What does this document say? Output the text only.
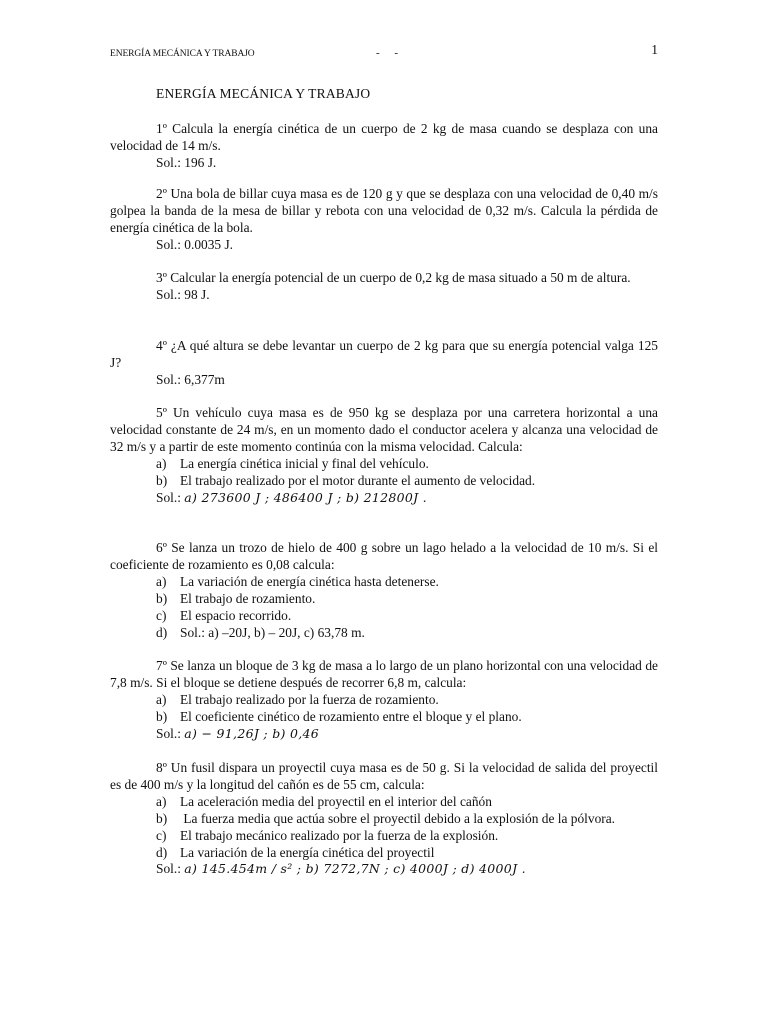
ENERGÍA MECÁNICA Y TRABAJO	- -	1
ENERGÍA MECÁNICA Y TRABAJO

1º Calcula la energía cinética de un cuerpo de 2 kg de masa cuando se desplaza con una velocidad de 14 m/s.

Sol.: 196 J.

2º Una bola de billar cuya masa es de 120 g y que se desplaza con una velocidad de 0,40 m/s golpea la banda de la mesa de billar y rebota con una velocidad de 0,32 m/s. Calcula la pérdida de energía cinética de la bola.

Sol.: 0.0035 J.

3º Calcular la energía potencial de un cuerpo de 0,2 kg de masa situado a 50 m de altura.

Sol.: 98 J.

4º ¿A qué altura se debe levantar un cuerpo de 2 kg para que su energía potencial valga 125 J?

Sol.: 6,377m

5º Un vehículo cuya masa es de 950 kg se desplaza por una carretera horizontal a una velocidad constante de 24 m/s, en un momento dado el conductor acelera y alcanza una velocidad de 32 m/s y a partir de este momento continúa con la misma velocidad. Calcula:

a) La energía cinética inicial y final del vehículo.

b) El trabajo realizado por el motor durante el aumento de velocidad.

Sol.: a) 273600 J ; 486400 J ; b) 212800J .

6º Se lanza un trozo de hielo de 400 g sobre un lago helado a la velocidad de 10 m/s. Si el coeficiente de rozamiento es 0,08 calcula:

a) La variación de energía cinética hasta detenerse.

b) El trabajo de rozamiento.

c) El espacio recorrido.

d) Sol.: a) –20J, b) – 20J, c) 63,78 m.

7º Se lanza un bloque de 3 kg de masa a lo largo de un plano horizontal con una velocidad de 7,8 m/s. Si el bloque se detiene después de recorrer 6,8 m, calcula:

a) El trabajo realizado por la fuerza de rozamiento.

b) El coeficiente cinético de rozamiento entre el bloque y el plano.

Sol.: a) − 91,26J ; b) 0,46

8º Un fusil dispara un proyectil cuya masa es de 50 g. Si la velocidad de salida del proyectil es de 400 m/s y la longitud del cañón es de 55 cm, calcula:

a) La aceleración media del proyectil en el interior del cañón

b) La fuerza media que actúa sobre el proyectil debido a la explosión de la pólvora.

c) El trabajo mecánico realizado por la fuerza de la explosión.

d) La variación de la energía cinética del proyectil

Sol.: a) 145.454m / s² ; b) 7272,7N ; c) 4000J ; d) 4000J .
